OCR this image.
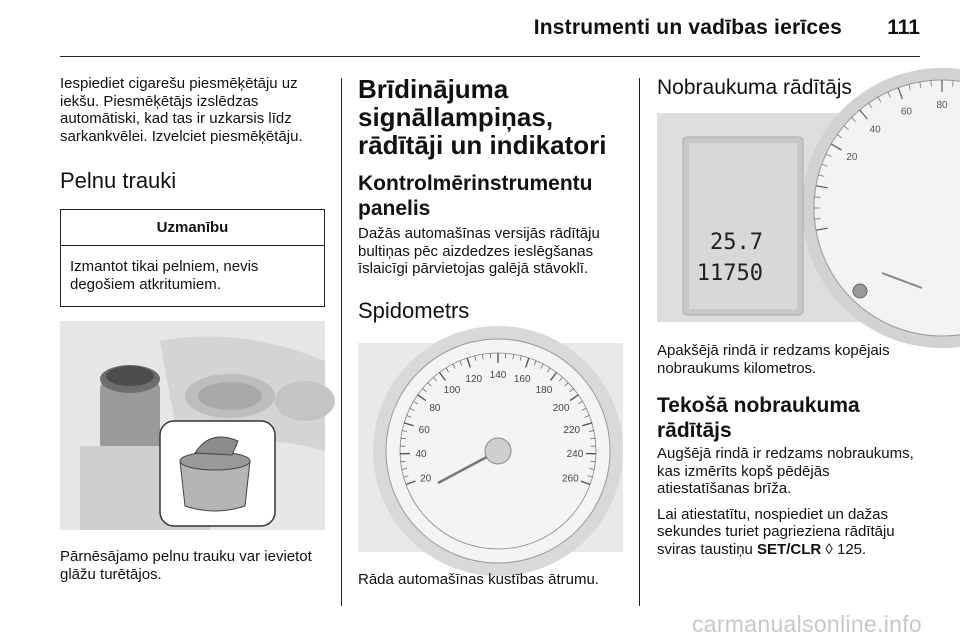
Instrumenti un vadības ierīces 111

Iespiediet cigarešu piesmēķētāju uz iekšu. Piesmēķētājs izslēdzas automātiski, kad tas ir uzkarsis līdz sarkankvēlei. Izvelciet piesmēķētāju.

Pelnu trauki
Uzmanību
Izmantot tikai pelniem, nevis degošiem atkritumiem.

Pārnēsājamo pelnu trauku var ievietot glāžu turētājos.

Brīdinājuma signāllampiņas, rādītāji un indikatori
Kontrolmērinstrumentu panelis

Dažās automašīnas versijās rādītāju bultiņas pēc aizdedzes ieslēgšanas īslaicīgi pārvietojas galējā stāvoklī.

Spidometrs
20
40
60
80
100
120 140 160
180
200
220
240
260

Rāda automašīnas kustības ātrumu.

Nobraukuma rādītājs
20
40
60
80
25.7
11750

Apakšējā rindā ir redzams kopējais nobraukums kilometros.

Tekošā nobraukuma rādītājs

Augšējā rindā ir redzams nobraukums, kas izmērīts kopš pēdējās atiestatīšanas brīža.

Lai atiestatītu, nospiediet un dažas sekundes turiet pagrieziena rādītāju sviras taustiņu SET/CLR ◊ 125.

carmanualsonline.info
